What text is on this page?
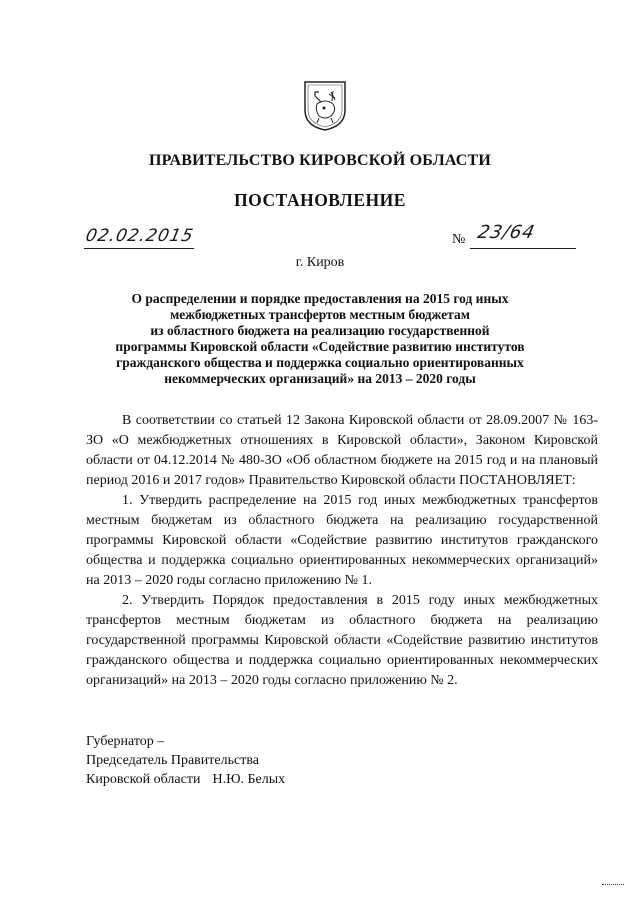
ПРАВИТЕЛЬСТВО КИРОВСКОЙ ОБЛАСТИ
ПОСТАНОВЛЕНИЕ
02.02.2015	№ 23/64
г. Киров
О распределении и порядке предоставления на 2015 год иных
межбюджетных трансфертов местным бюджетам
из областного бюджета на реализацию государственной
программы Кировской области «Содействие развитию институтов
гражданского общества и поддержка социально ориентированных
некоммерческих организаций» на 2013 – 2020 годы

В соответствии со статьей 12 Закона Кировской области от 28.09.2007 № 163-ЗО «О межбюджетных отношениях в Кировской области», Законом Кировской области от 04.12.2014 № 480-ЗО «Об областном бюджете на 2015 год и на плановый период 2016 и 2017 годов» Правительство Кировской области ПОСТАНОВЛЯЕТ:

1. Утвердить распределение на 2015 год иных межбюджетных трансфертов местным бюджетам из областного бюджета на реализацию государственной программы Кировской области «Содействие развитию институтов гражданского общества и поддержка социально ориентированных некоммерческих организаций» на 2013 – 2020 годы согласно приложению № 1.

2. Утвердить Порядок предоставления в 2015 году иных межбюджетных трансфертов местным бюджетам из областного бюджета на реализацию государственной программы Кировской области «Содействие развитию институтов гражданского общества и поддержка социально ориентированных некоммерческих организаций» на 2013 – 2020 годы согласно приложению № 2.

Губернатор –
Председатель Правительства
Кировской области Н.Ю. Белых
